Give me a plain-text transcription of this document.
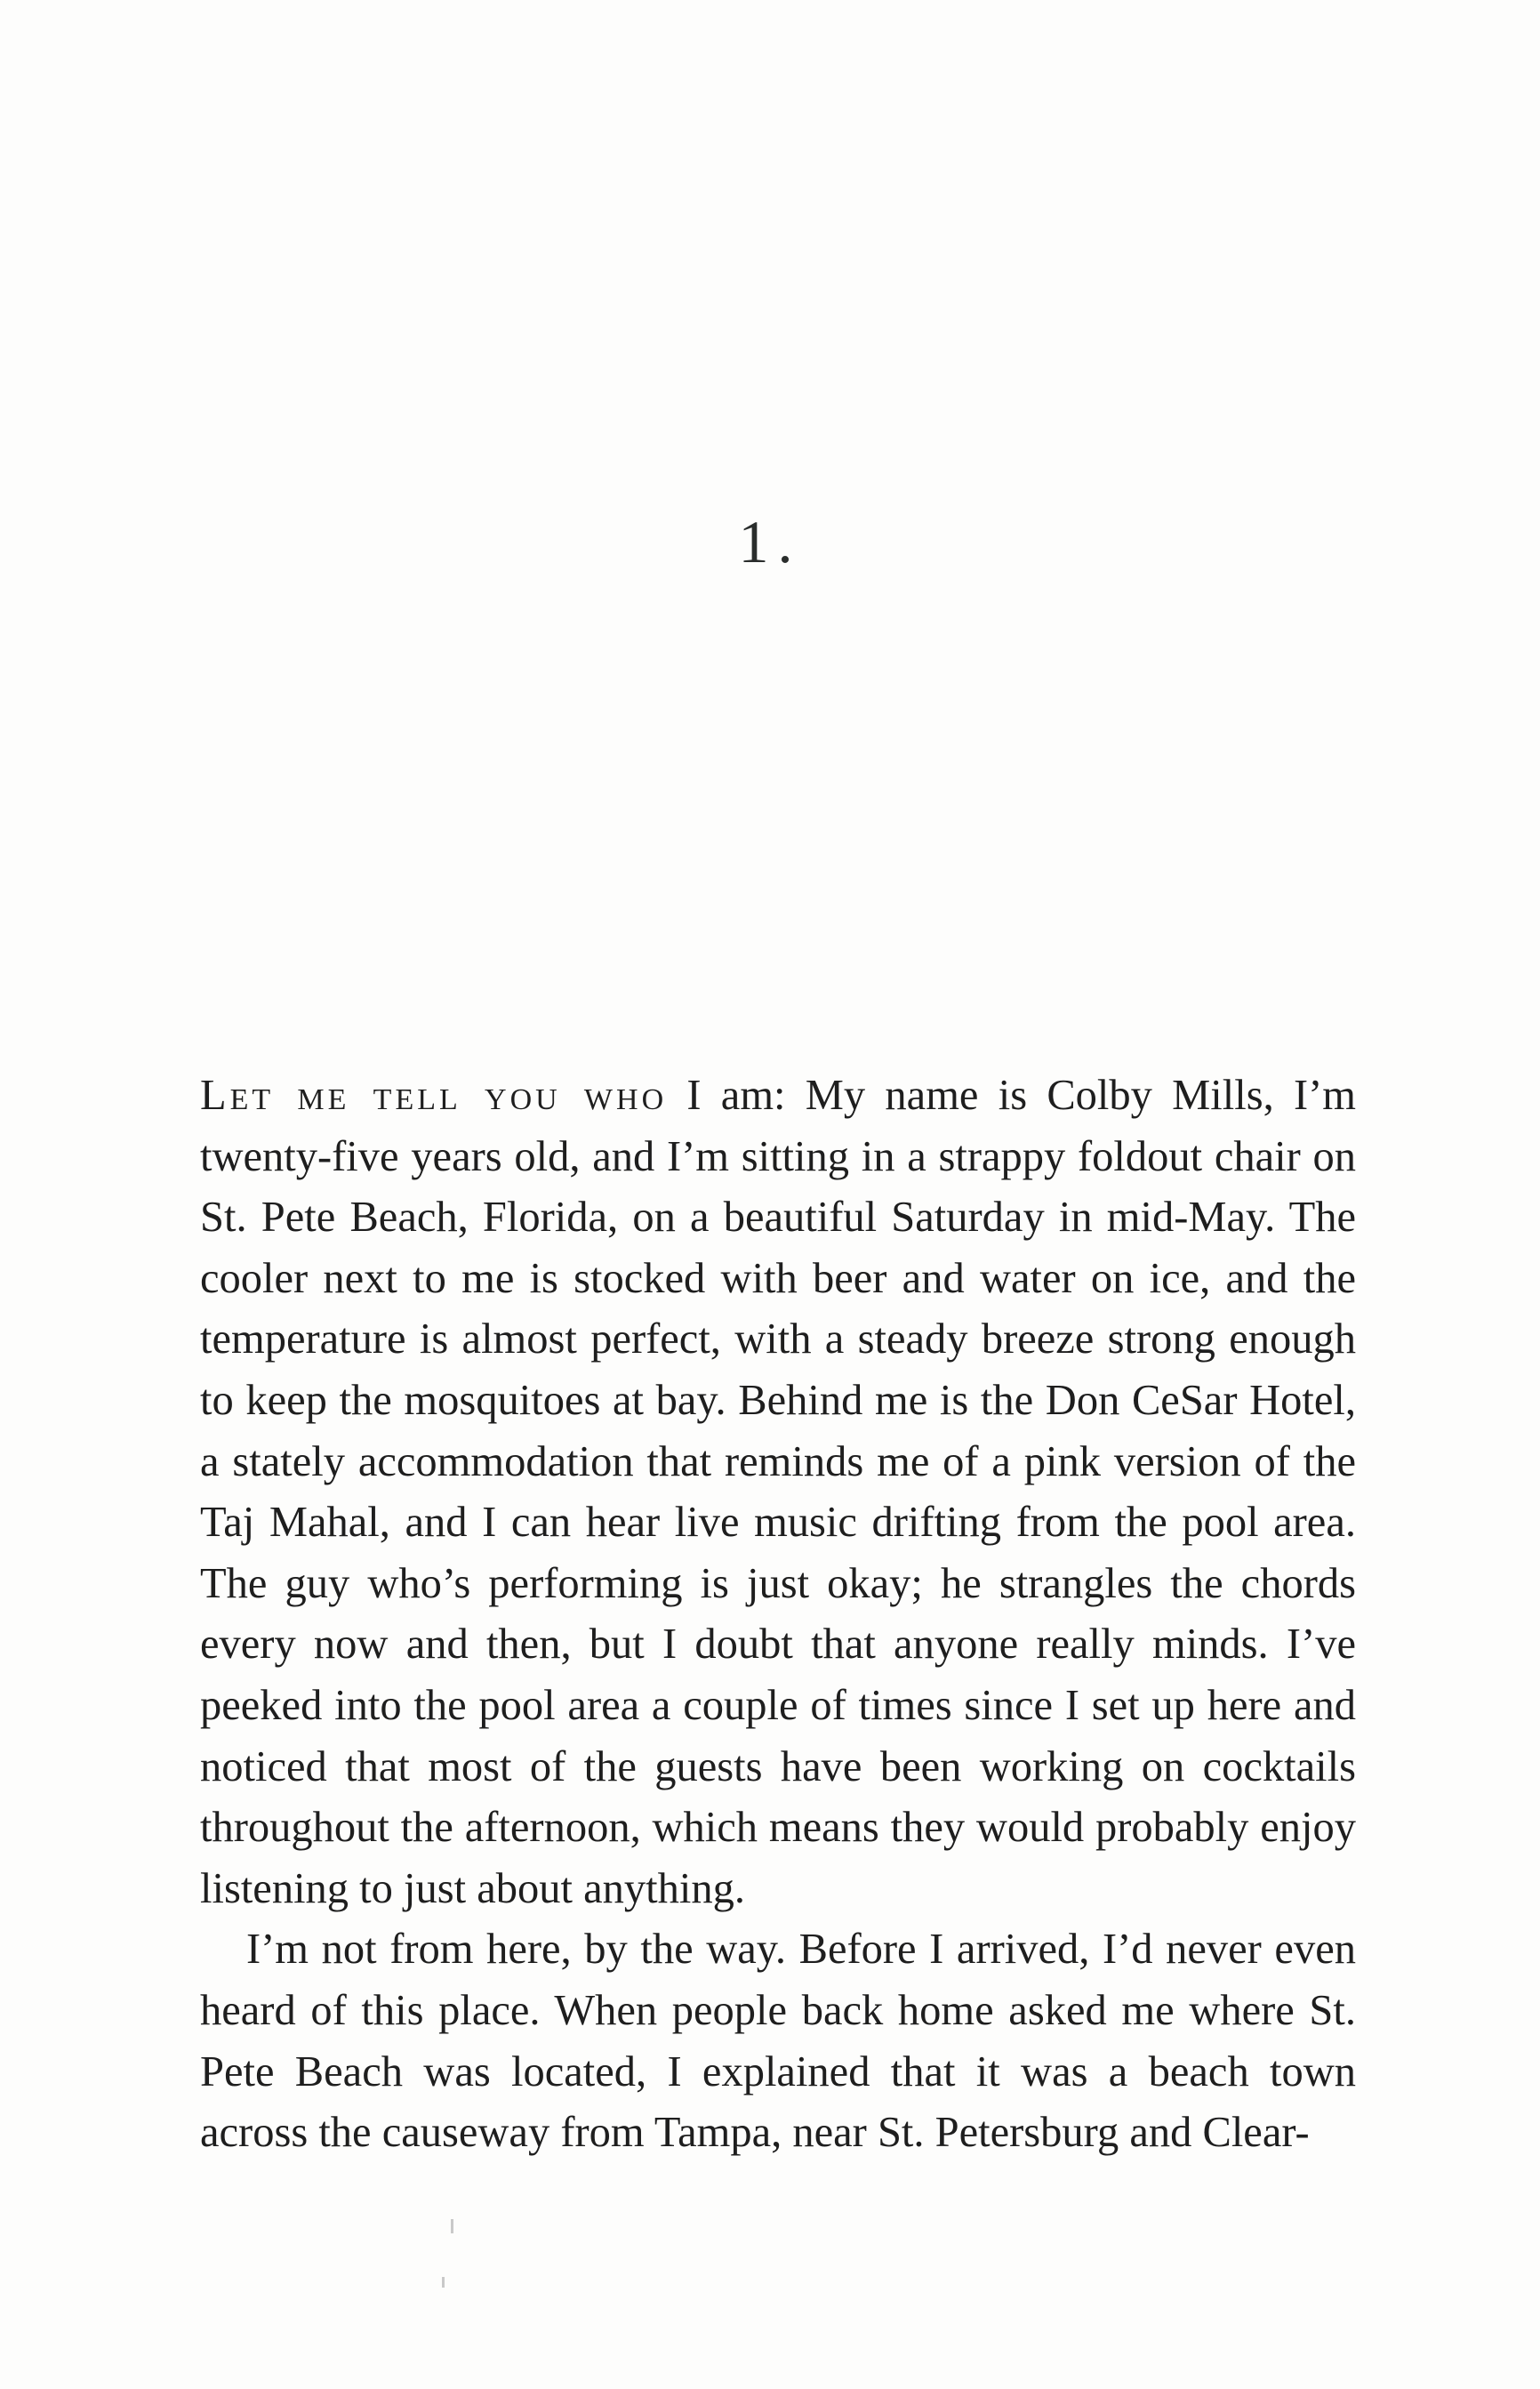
1.

Let me tell you who I am: My name is Colby Mills, I’m twenty-five years old, and I’m sitting in a strappy foldout chair on St. Pete Beach, Florida, on a beautiful Saturday in mid-May. The cooler next to me is stocked with beer and water on ice, and the temperature is almost perfect, with a steady breeze strong enough to keep the mosquitoes at bay. Behind me is the Don CeSar Hotel, a stately accommodation that reminds me of a pink version of the Taj Mahal, and I can hear live music drifting from the pool area. The guy who’s performing is just okay; he strangles the chords every now and then, but I doubt that anyone really minds. I’ve peeked into the pool area a couple of times since I set up here and noticed that most of the guests have been working on cocktails throughout the afternoon, which means they would probably enjoy listening to just about anything.

I’m not from here, by the way. Before I arrived, I’d never even heard of this place. When people back home asked me where St. Pete Beach was located, I explained that it was a beach town across the causeway from Tampa, near St. Petersburg and Clear-
